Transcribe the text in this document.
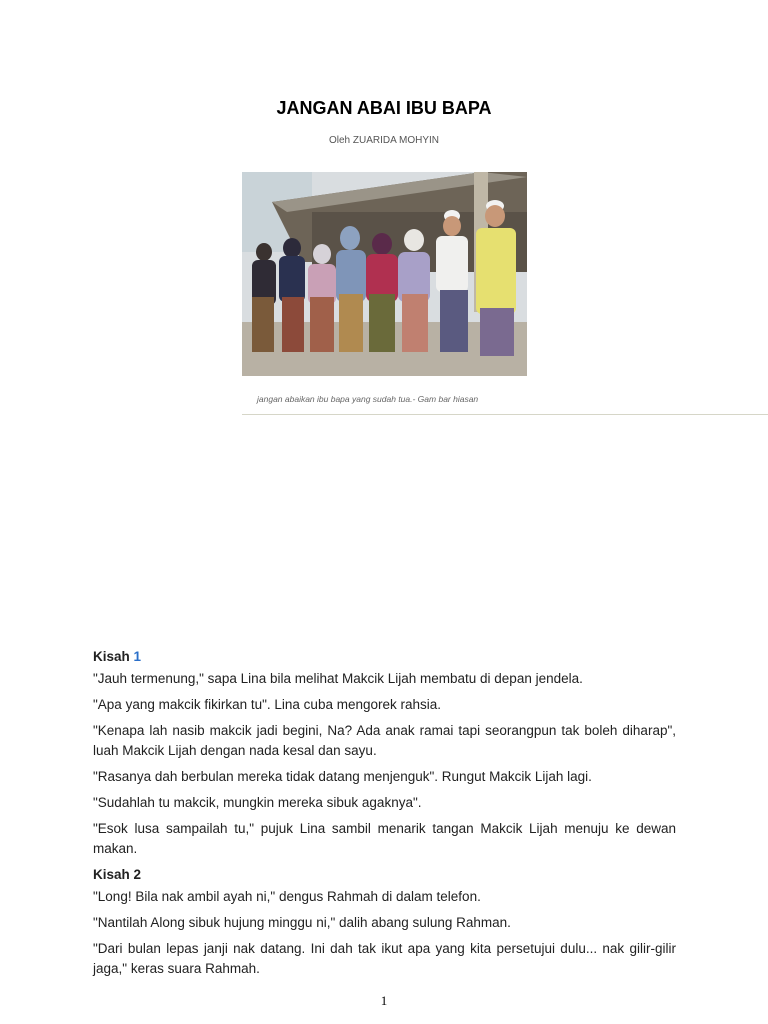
JANGAN ABAI IBU BAPA
Oleh ZUARIDA MOHYIN
jangan abaikan ibu bapa yang sudah tua.- Gam bar hiasan

Kisah 1

"Jauh termenung," sapa Lina bila melihat Makcik Lijah membatu di depan jendela.

"Apa yang makcik fikirkan tu". Lina cuba mengorek rahsia.

"Kenapa lah nasib makcik jadi begini, Na? Ada anak ramai tapi seorangpun tak boleh diharap", luah Makcik Lijah dengan nada kesal dan sayu.

"Rasanya dah berbulan mereka tidak datang menjenguk". Rungut Makcik Lijah lagi.

"Sudahlah tu makcik, mungkin mereka sibuk agaknya".

"Esok lusa sampailah tu," pujuk Lina sambil menarik tangan Makcik Lijah menuju ke dewan makan.

Kisah 2

"Long! Bila nak ambil ayah ni," dengus Rahmah di dalam telefon.

"Nantilah Along sibuk hujung minggu ni," dalih abang sulung Rahman.

"Dari bulan lepas janji nak datang. Ini dah tak ikut apa yang kita persetujui dulu... nak gilir-gilir jaga," keras suara Rahmah.

1
